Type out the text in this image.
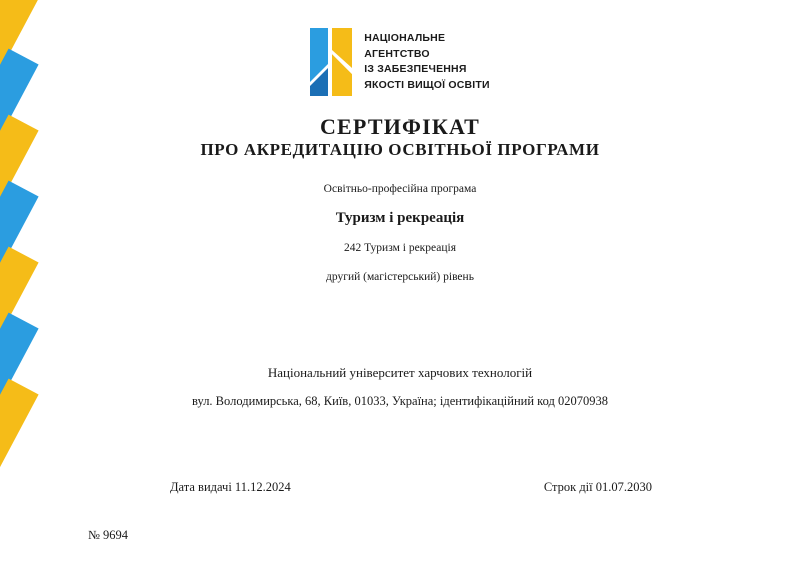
НАЦІОНАЛЬНЕ
АГЕНТСТВО
ІЗ ЗАБЕЗПЕЧЕННЯ
ЯКОСТІ ВИЩОЇ ОСВІТИ
СЕРТИФІКАТ
ПРО АКРЕДИТАЦІЮ ОСВІТНЬОЇ ПРОГРАМИ
Освітньо-професійна програма
Туризм і рекреація
242 Туризм і рекреація
другий (магістерський) рівень
Національний університет харчових технологій
вул. Володимирська, 68, Київ, 01033, Україна; ідентифікаційний код 02070938
Дата видачі 11.12.2024	Строк дії 01.07.2030
№ 9694
